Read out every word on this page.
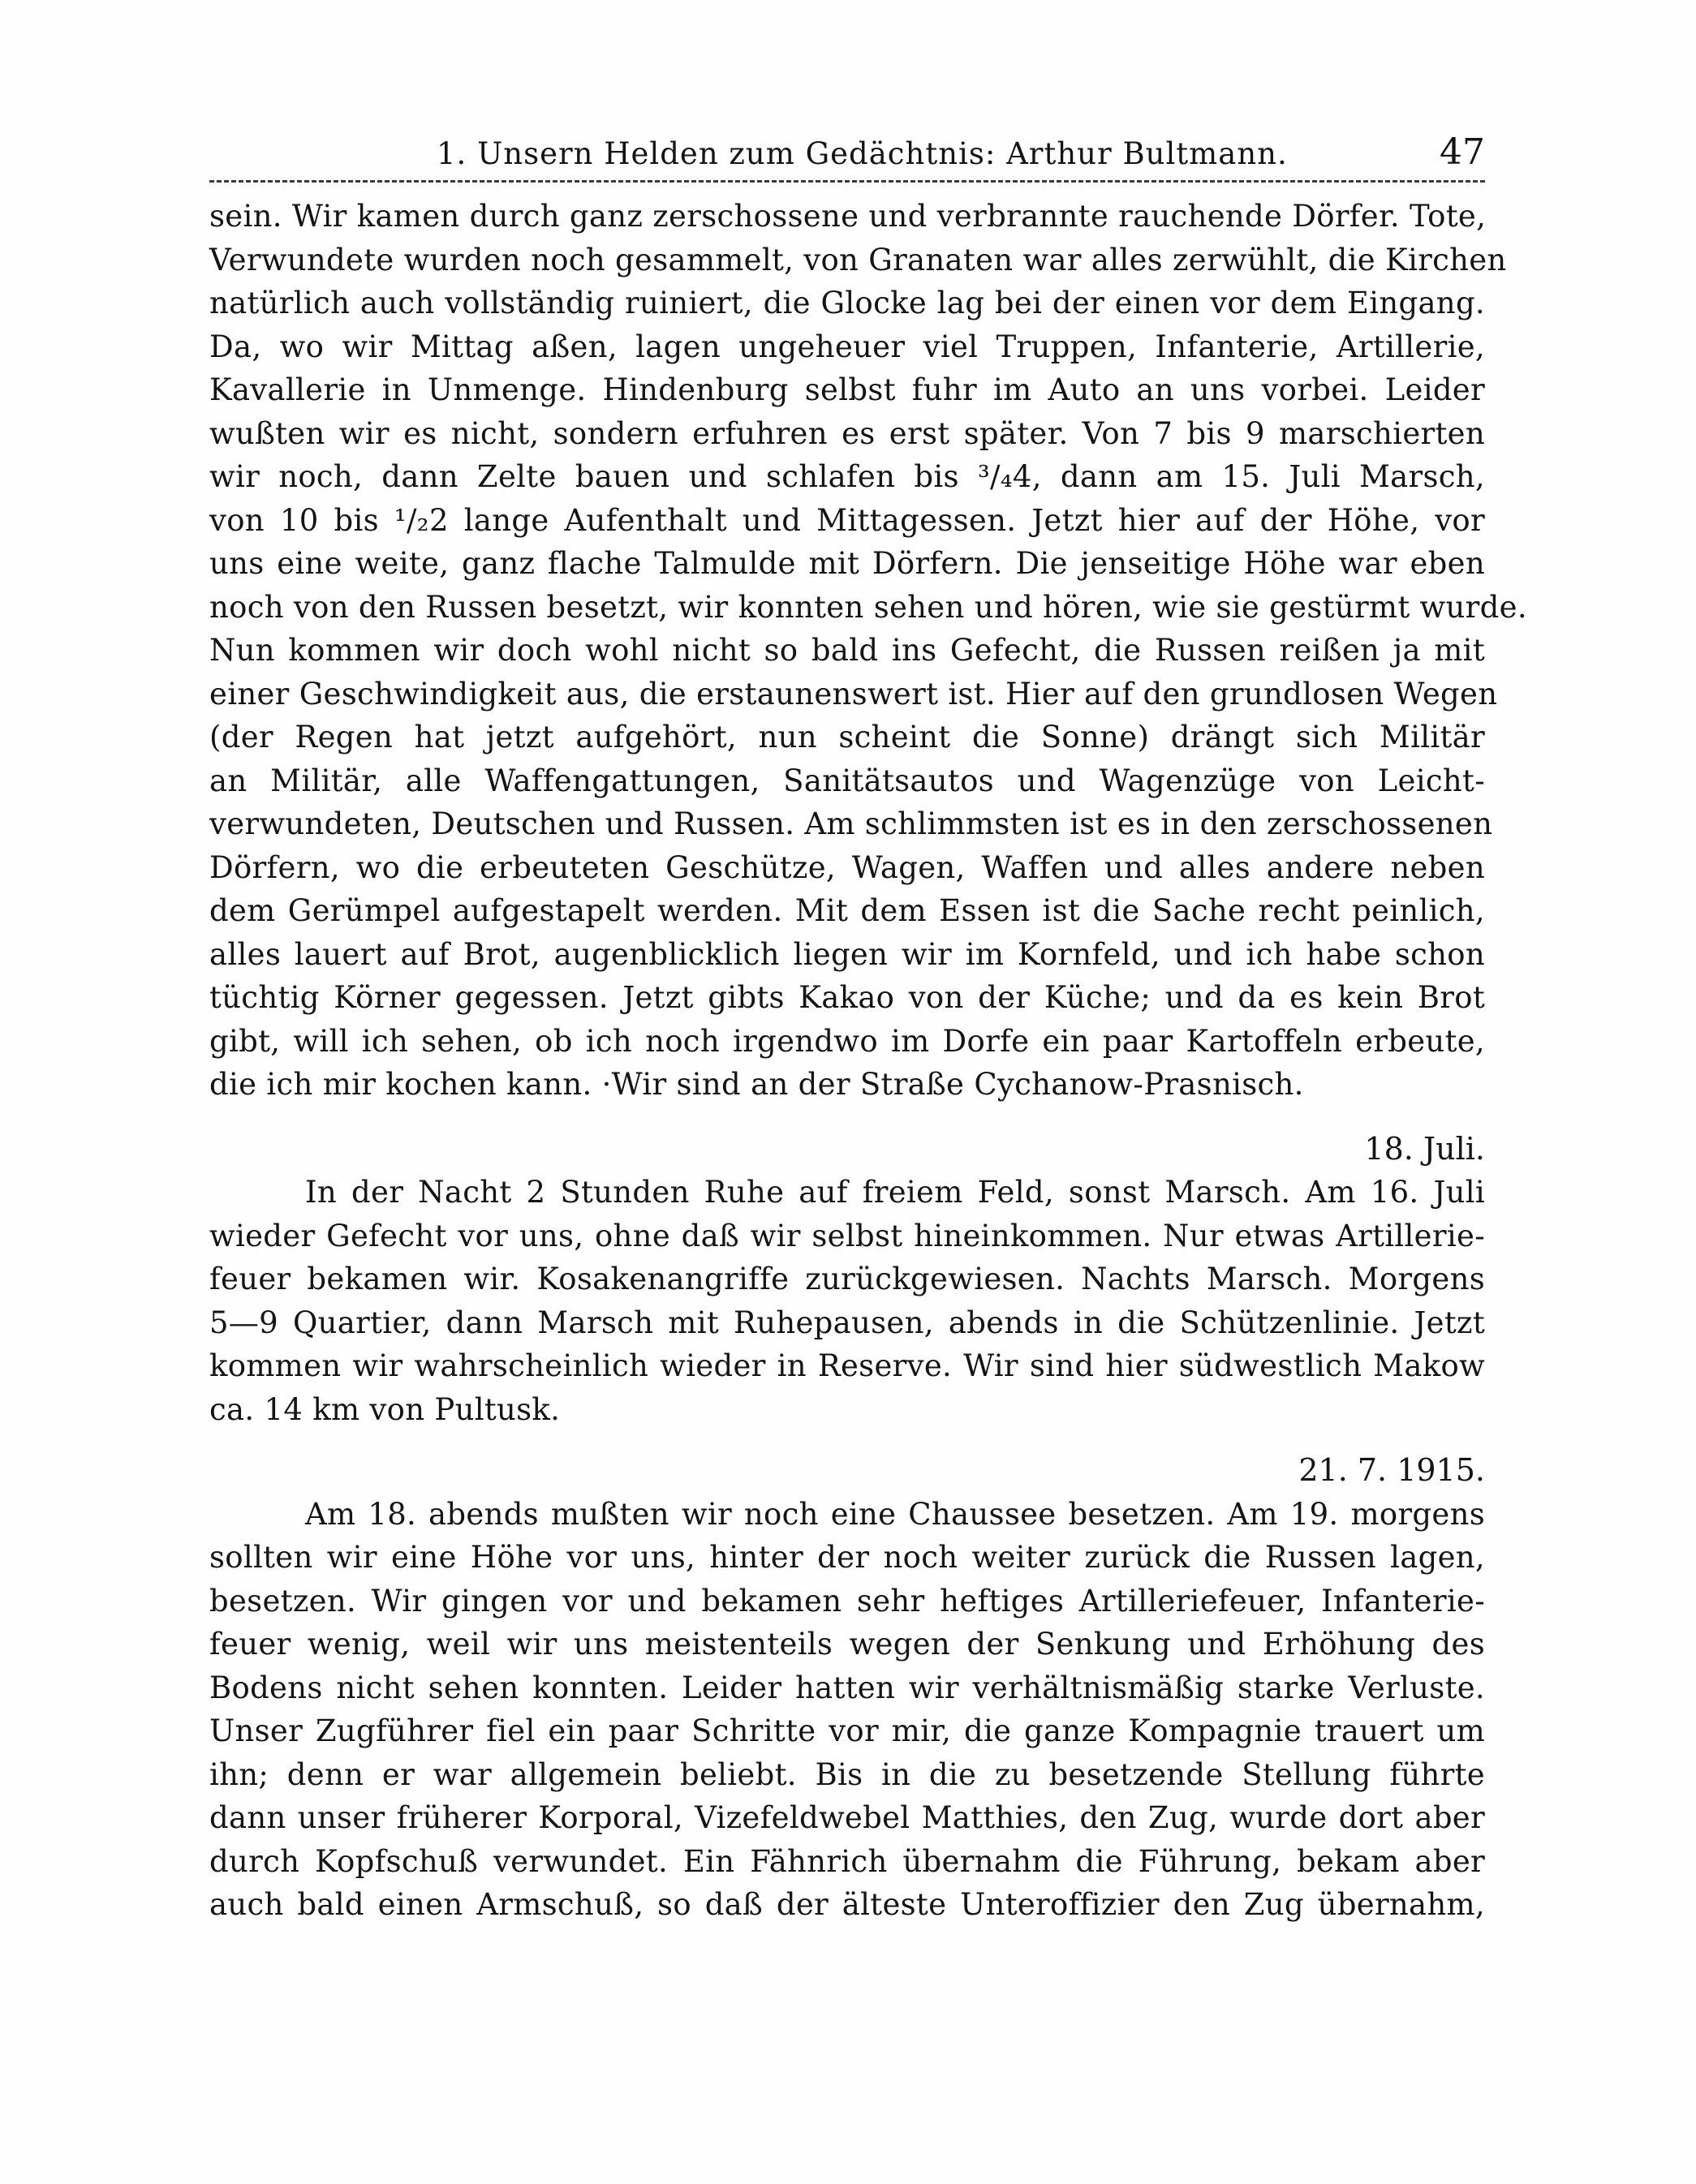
1. Unsern Helden zum Gedächtnis: Arthur Bultmann.	47
sein. Wir kamen durch ganz zerschossene und verbrannte rauchende Dörfer. Tote,
Verwundete wurden noch gesammelt, von Granaten war alles zerwühlt, die Kirchen
natürlich auch vollständig ruiniert, die Glocke lag bei der einen vor dem Eingang.
Da, wo wir Mittag aßen, lagen ungeheuer viel Truppen, Infanterie, Artillerie,
Kavallerie in Unmenge. Hindenburg selbst fuhr im Auto an uns vorbei. Leider
wußten wir es nicht, sondern erfuhren es erst später. Von 7 bis 9 marschierten
wir noch, dann Zelte bauen und schlafen bis ³/₄4, dann am 15. Juli Marsch,
von 10 bis ¹/₂2 lange Aufenthalt und Mittagessen. Jetzt hier auf der Höhe, vor
uns eine weite, ganz flache Talmulde mit Dörfern. Die jenseitige Höhe war eben
noch von den Russen besetzt, wir konnten sehen und hören, wie sie gestürmt wurde.
Nun kommen wir doch wohl nicht so bald ins Gefecht, die Russen reißen ja mit
einer Geschwindigkeit aus, die erstaunenswert ist. Hier auf den grundlosen Wegen
(der Regen hat jetzt aufgehört, nun scheint die Sonne) drängt sich Militär
an Militär, alle Waffengattungen, Sanitätsautos und Wagenzüge von Leicht-
verwundeten, Deutschen und Russen. Am schlimmsten ist es in den zerschossenen
Dörfern, wo die erbeuteten Geschütze, Wagen, Waffen und alles andere neben
dem Gerümpel aufgestapelt werden. Mit dem Essen ist die Sache recht peinlich,
alles lauert auf Brot, augenblicklich liegen wir im Kornfeld, und ich habe schon
tüchtig Körner gegessen. Jetzt gibts Kakao von der Küche; und da es kein Brot
gibt, will ich sehen, ob ich noch irgendwo im Dorfe ein paar Kartoffeln erbeute,
die ich mir kochen kann. ·Wir sind an der Straße Cychanow-Prasnisch.
18. Juli.
In der Nacht 2 Stunden Ruhe auf freiem Feld, sonst Marsch. Am 16. Juli
wieder Gefecht vor uns, ohne daß wir selbst hineinkommen. Nur etwas Artillerie-
feuer bekamen wir. Kosakenangriffe zurückgewiesen. Nachts Marsch. Morgens
5—9 Quartier, dann Marsch mit Ruhepausen, abends in die Schützenlinie. Jetzt
kommen wir wahrscheinlich wieder in Reserve. Wir sind hier südwestlich Makow
ca. 14 km von Pultusk.
21. 7. 1915.
Am 18. abends mußten wir noch eine Chaussee besetzen. Am 19. morgens
sollten wir eine Höhe vor uns, hinter der noch weiter zurück die Russen lagen,
besetzen. Wir gingen vor und bekamen sehr heftiges Artilleriefeuer, Infanterie-
feuer wenig, weil wir uns meistenteils wegen der Senkung und Erhöhung des
Bodens nicht sehen konnten. Leider hatten wir verhältnismäßig starke Verluste.
Unser Zugführer fiel ein paar Schritte vor mir, die ganze Kompagnie trauert um
ihn; denn er war allgemein beliebt. Bis in die zu besetzende Stellung führte
dann unser früherer Korporal, Vizefeldwebel Matthies, den Zug, wurde dort aber
durch Kopfschuß verwundet. Ein Fähnrich übernahm die Führung, bekam aber
auch bald einen Armschuß, so daß der älteste Unteroffizier den Zug übernahm,
